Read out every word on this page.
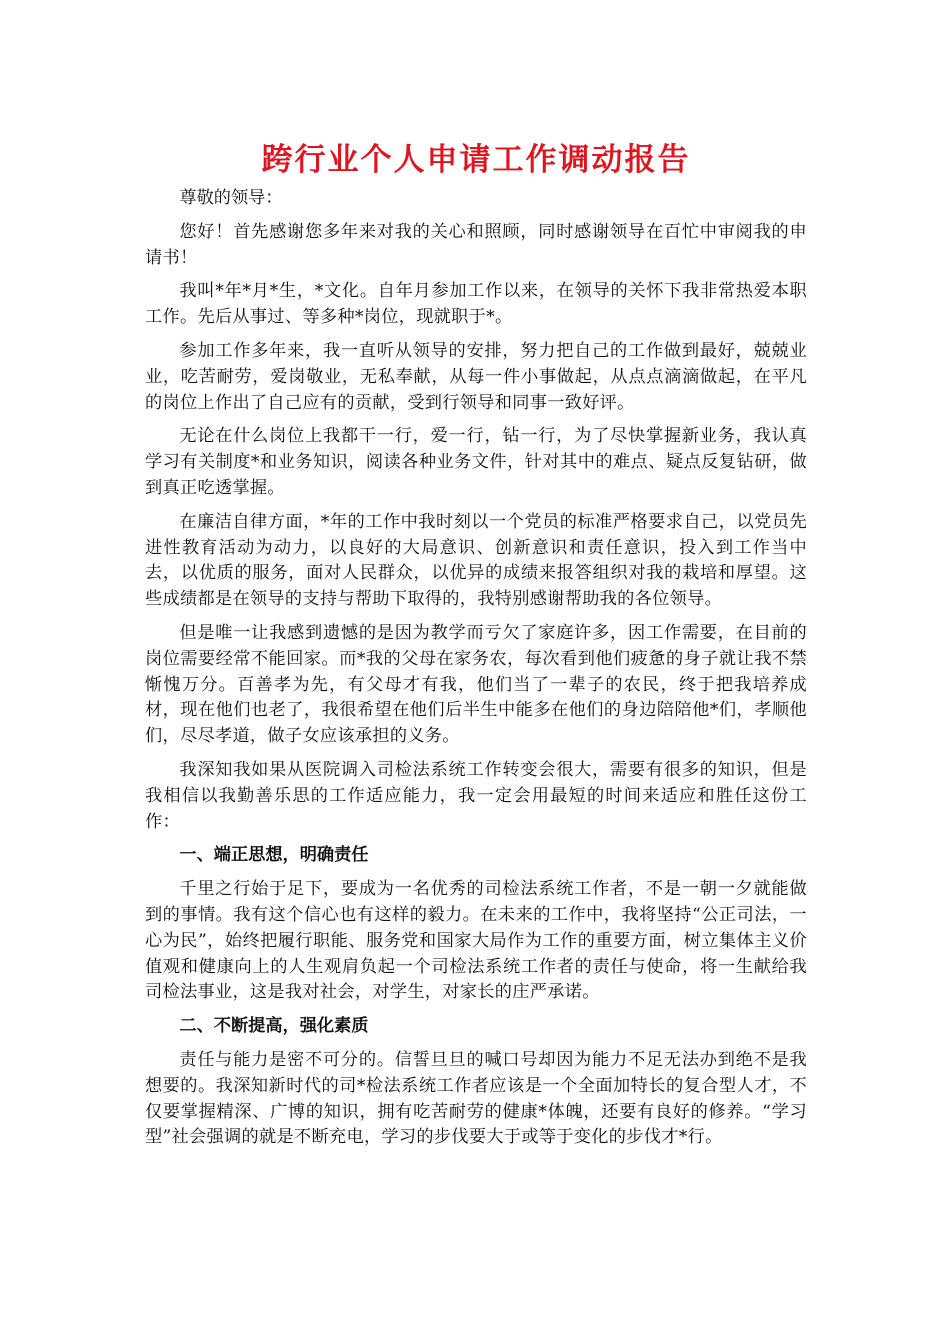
跨行业个人申请工作调动报告

尊敬的领导：

您好！首先感谢您多年来对我的关心和照顾，同时感谢领导在百忙中审阅我的申请书！

我叫*年*月*生，*文化。自年月参加工作以来，在领导的关怀下我非常热爱本职工作。先后从事过、等多种*岗位，现就职于*。

参加工作多年来，我一直听从领导的安排，努力把自己的工作做到最好，兢兢业业，吃苦耐劳，爱岗敬业，无私奉献，从每一件小事做起，从点点滴滴做起，在平凡的岗位上作出了自己应有的贡献，受到行领导和同事一致好评。

无论在什么岗位上我都干一行，爱一行，钻一行，为了尽快掌握新业务，我认真学习有关制度*和业务知识，阅读各种业务文件，针对其中的难点、疑点反复钻研，做到真正吃透掌握。

在廉洁自律方面，*年的工作中我时刻以一个党员的标准严格要求自己，以党员先进性教育活动为动力，以良好的大局意识、创新意识和责任意识，投入到工作当中去，以优质的服务，面对人民群众，以优异的成绩来报答组织对我的栽培和厚望。这些成绩都是在领导的支持与帮助下取得的，我特别感谢帮助我的各位领导。

但是唯一让我感到遗憾的是因为教学而亏欠了家庭许多，因工作需要，在目前的岗位需要经常不能回家。而*我的父母在家务农，每次看到他们疲惫的身子就让我不禁惭愧万分。百善孝为先，有父母才有我，他们当了一辈子的农民，终于把我培养成材，现在他们也老了，我很希望在他们后半生中能多在他们的身边陪陪他*们，孝顺他们，尽尽孝道，做子女应该承担的义务。

我深知我如果从医院调入司检法系统工作转变会很大，需要有很多的知识，但是我相信以我勤善乐思的工作适应能力，我一定会用最短的时间来适应和胜任这份工作：

一、端正思想，明确责任

千里之行始于足下，要成为一名优秀的司检法系统工作者，不是一朝一夕就能做到的事情。我有这个信心也有这样的毅力。在未来的工作中，我将坚持“公正司法，一心为民”，始终把履行职能、服务党和国家大局作为工作的重要方面，树立集体主义价值观和健康向上的人生观肩负起一个司检法系统工作者的责任与使命，将一生献给我司检法事业，这是我对社会，对学生，对家长的庄严承诺。

二、不断提高，强化素质

责任与能力是密不可分的。信誓旦旦的喊口号却因为能力不足无法办到绝不是我想要的。我深知新时代的司*检法系统工作者应该是一个全面加特长的复合型人才，不仅要掌握精深、广博的知识，拥有吃苦耐劳的健康*体魄，还要有良好的修养。“学习型”社会强调的就是不断充电，学习的步伐要大于或等于变化的步伐才*行。
